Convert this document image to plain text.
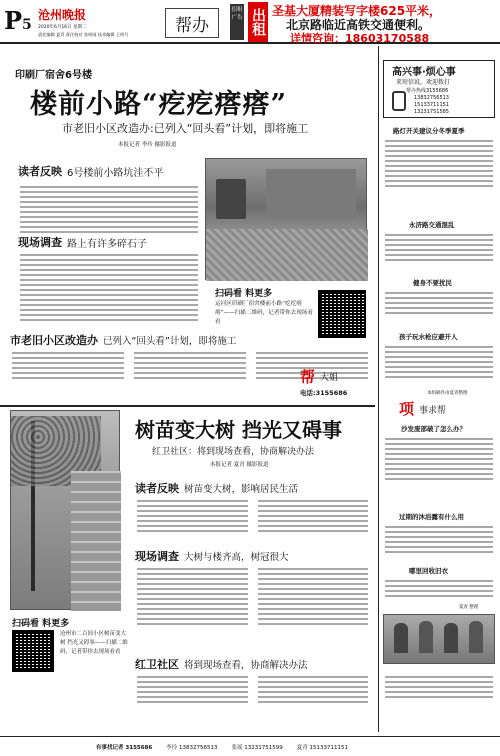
P5
沧州晚报
2020年6月16日 星期二
责任编辑 夏青 責任校对 张瑶刚 技术编辑 王明月	帮办
招租广告 出租 圣基大厦精装写字楼625平米，
北京路临近高铁交通便利。
详情咨询：18603170588
印刷厂宿舍6号楼
楼前小路“疙疙瘩瘩”
市老旧小区改造办:已列入“回头看”计划，即将施工
本报记者 李玲 摄影报道
读者反映 6号楼前小路坑洼不平
现场调查 路上有许多碎石子
扫码看 料更多
运河区印刷厂宿舍楼前小路“疙疙瘩瘩”——扫描二维码，记者带你去现场看看
市老旧小区改造办 已列入“回头看”计划，即将施工
帮 大姐
电话:3155686
树苗变大树 挡光又碍事
红卫社区：将到现场查看，协商解决办法
本报记者 夏青 摄影报道
读者反映 树苗变大树，影响居民生活
现场调查 大树与楼齐高，树冠很大
扫码看 料更多
沧州市二百间小区树苗变大树 挡光又碍事——扫描二维码，记者带你去现场看看
红卫社区 将到现场查看，协商解决办法
高兴事·烦心事
来短信说，欢迎拨打
帮办热线3155686
13832756513
15133711151
13231751585
路灯开关建议分冬季夏季
永济路交通混乱
健身不要扰民
孩子玩水枪应避开人
本组稿件由夏青整理
项 事求帮
沙发废部破了怎么办？
过期的沐浴露有什么用
哪里回收旧衣
夏青 整理
有事找记者 3155686	李玲 13832756513	张瑶 13231751599	夏青 15133711151
